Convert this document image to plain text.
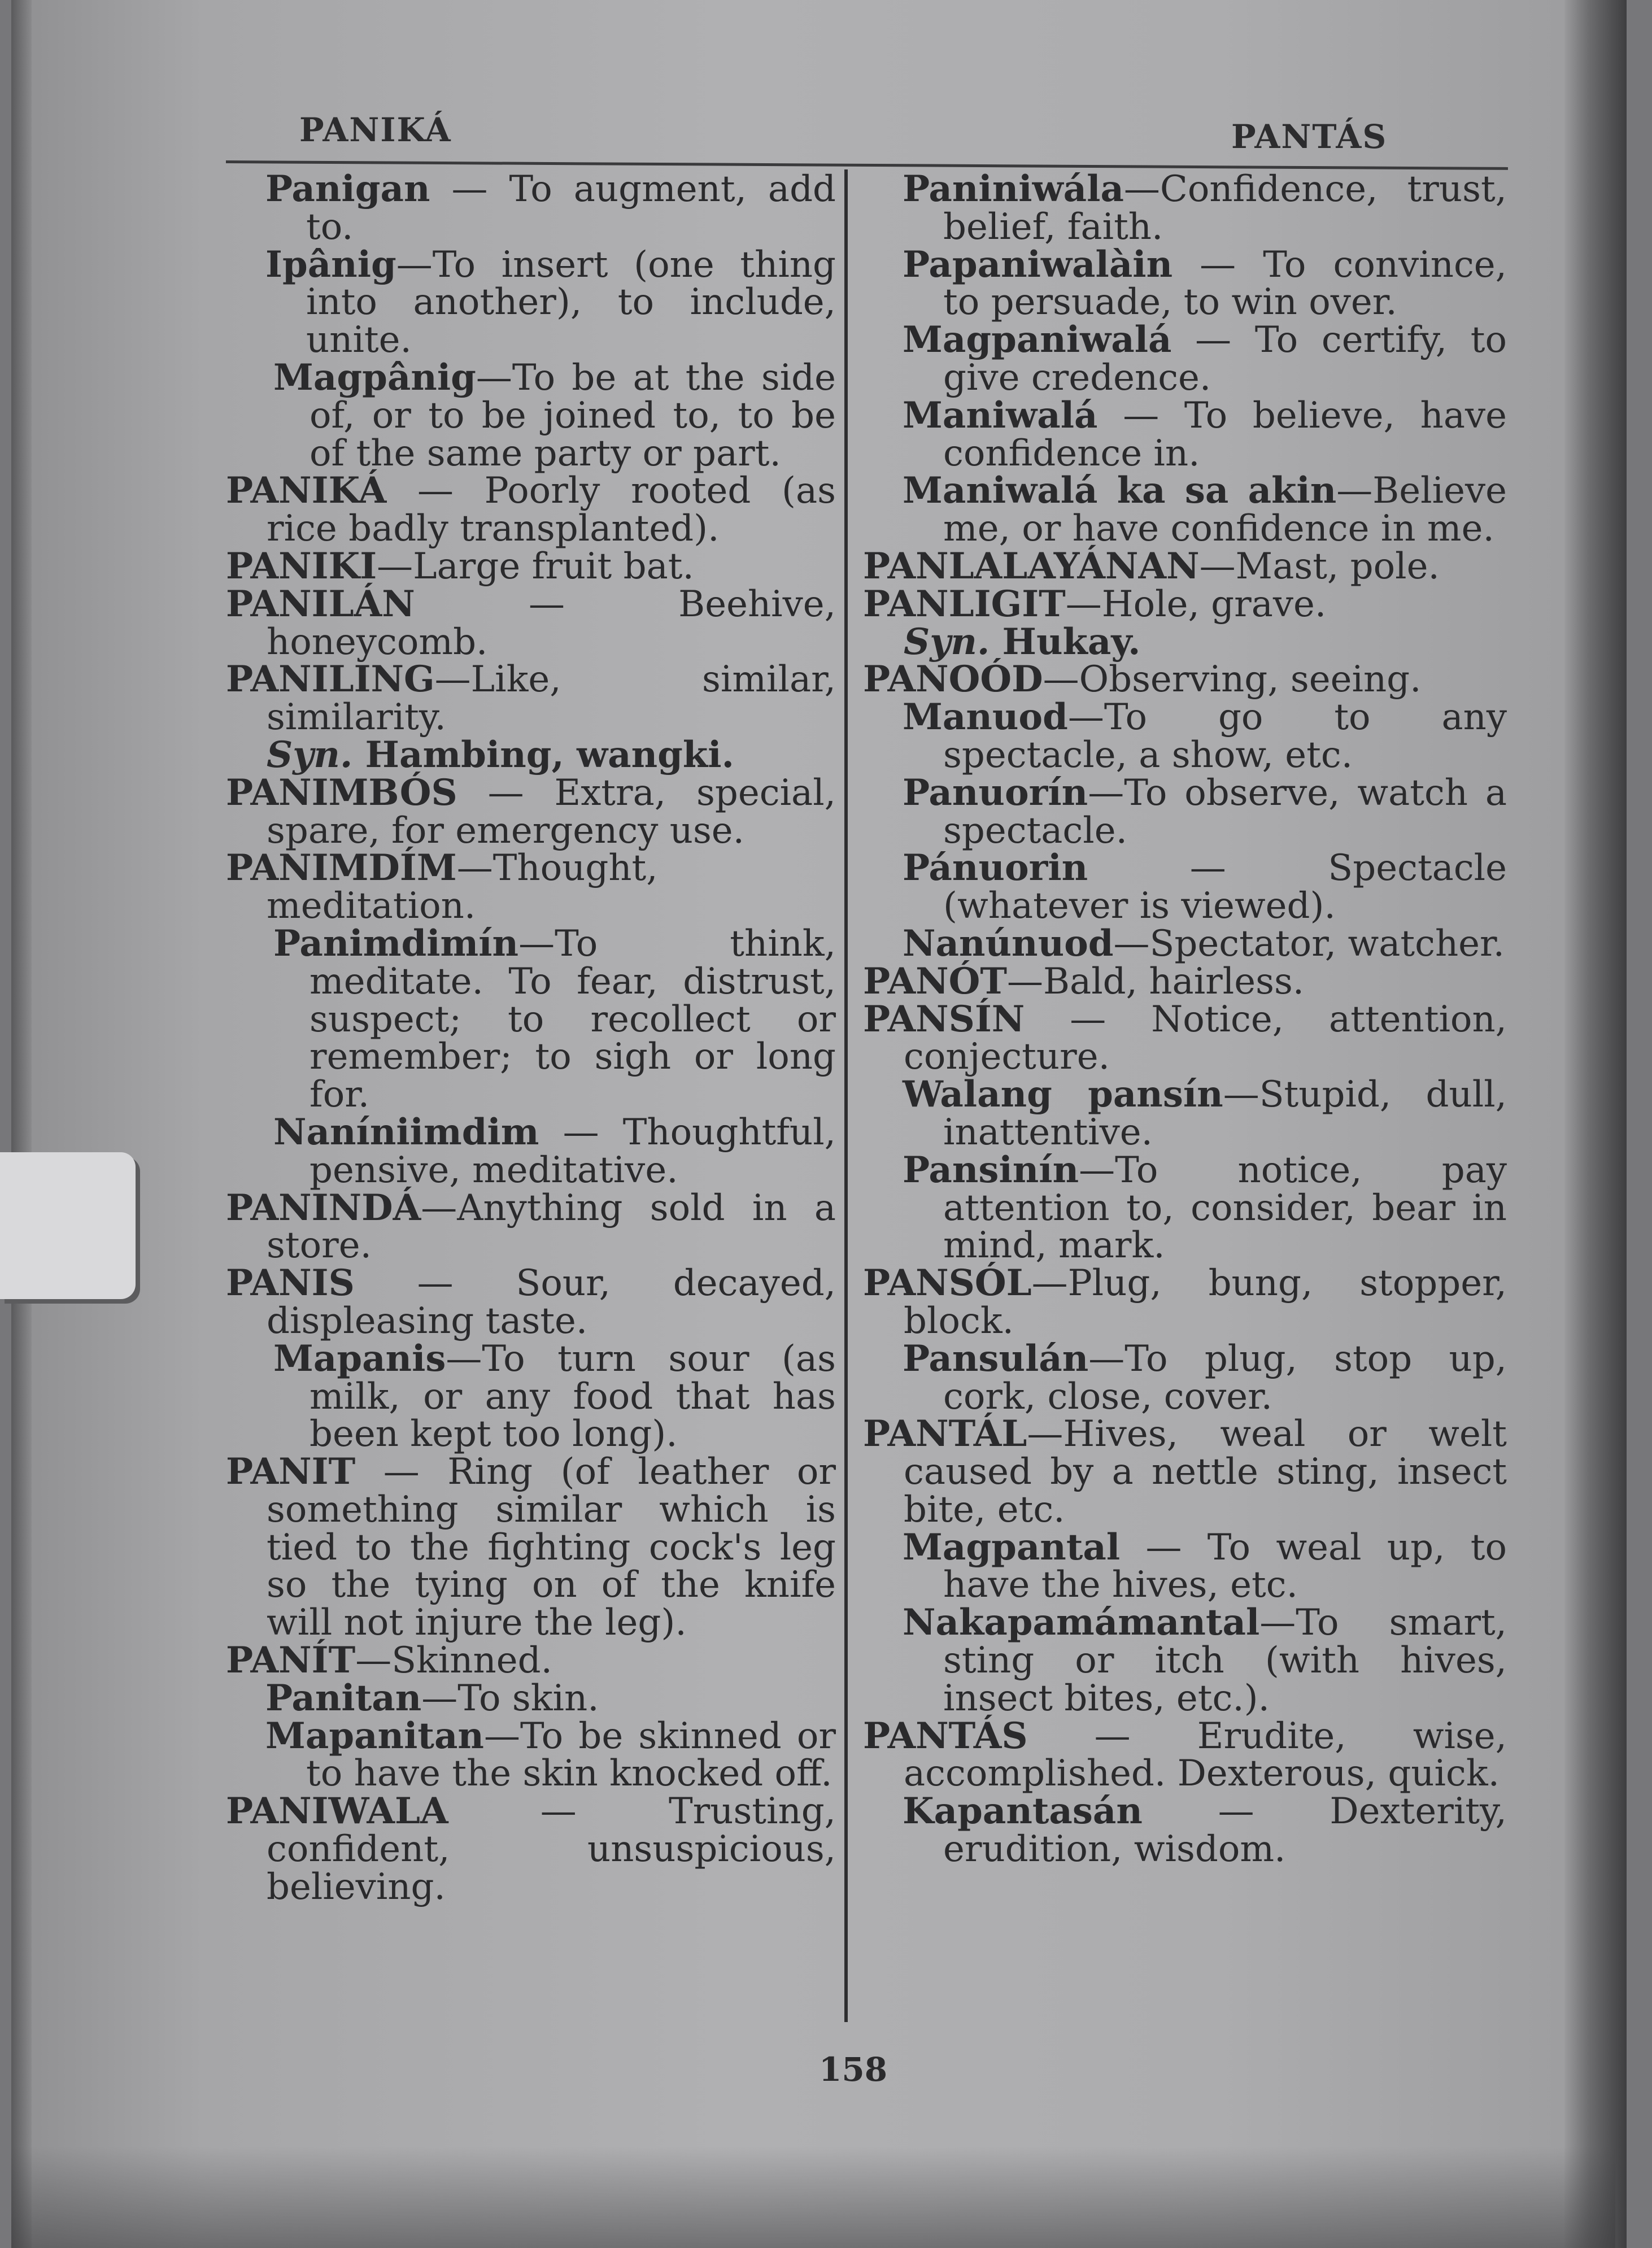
PANIKÁ	PANTÁS

Panigan — To augment, add to.

Ipânig—To insert (one thing into another), to include, unite.

Magpânig—To be at the side of, or to be joined to, to be of the same party or part.

PANIKÁ — Poorly rooted (as rice badly transplanted).

PANIKI—Large fruit bat.

PANILÁN — Beehive, honeycomb.

PANILING—Like, similar, similarity.

Syn. Hambing, wangki.

PANIMBÓS — Extra, special, spare, for emergency use.

PANIMDÍM—Thought, meditation.

Panimdimín—To think, meditate. To fear, distrust, suspect; to recollect or remember; to sigh or long for.

Naníniimdim — Thoughtful, pensive, meditative.

PANINDÁ—Anything sold in a store.

PANIS — Sour, decayed, displeasing taste.

Mapanis—To turn sour (as milk, or any food that has been kept too long).

PANIT — Ring (of leather or something similar which is tied to the fighting cock's leg so the tying on of the knife will not injure the leg).

PANÍT—Skinned.

Panitan—To skin.

Mapanitan—To be skinned or to have the skin knocked off.

PANIWALA — Trusting, confident, unsuspicious, believing.

Paniniwála—Confidence, trust, belief, faith.

Papaniwalàin — To convince, to persuade, to win over.

Magpaniwalá — To certify, to give credence.

Maniwalá — To believe, have confidence in.

Maniwalá ka sa akin—Believe me, or have confidence in me.

PANLALAYÁNAN—Mast, pole.

PANLIGIT—Hole, grave.

Syn. Hukay.

PANOÓD—Observing, seeing.

Manuod—To go to any spectacle, a show, etc.

Panuorín—To observe, watch a spectacle.

Pánuorin — Spectacle (whatever is viewed).

Nanúnuod—Spectator, watcher.

PANÓT—Bald, hairless.

PANSÍN — Notice, attention, conjecture.

Walang pansín—Stupid, dull, inattentive.

Pansinín—To notice, pay attention to, consider, bear in mind, mark.

PANSÓL—Plug, bung, stopper, block.

Pansulán—To plug, stop up, cork, close, cover.

PANTÁL—Hives, weal or welt caused by a nettle sting, insect bite, etc.

Magpantal — To weal up, to have the hives, etc.

Nakapamámantal—To smart, sting or itch (with hives, insect bites, etc.).

PANTÁS — Erudite, wise, accomplished. Dexterous, quick.

Kapantasán — Dexterity, erudition, wisdom.

158
